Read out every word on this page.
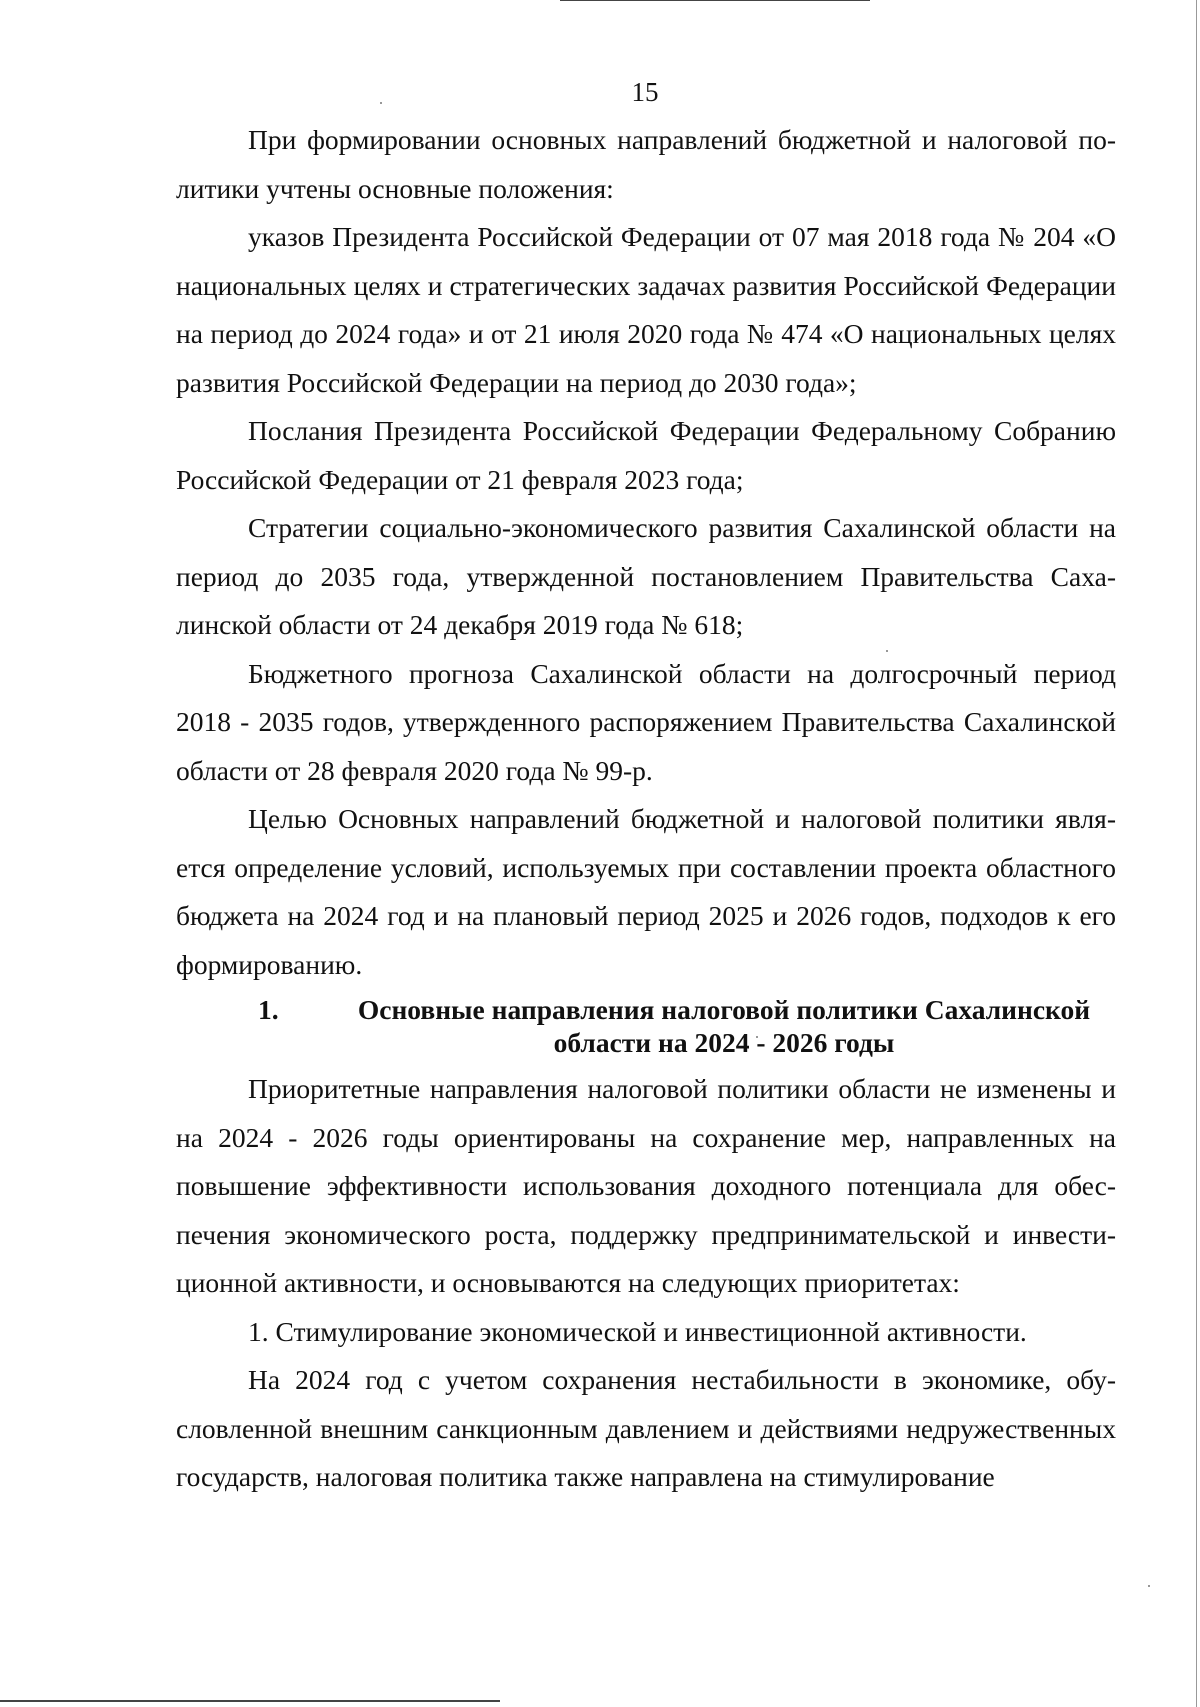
15

При формировании основных направлений бюджетной и налоговой политики учтены основные положения:

указов Президента Российской Федерации от 07 мая 2018 года № 204 «О национальных целях и стратегических задачах развития Российской Федерации на период до 2024 года» и от 21 июля 2020 года № 474 «О национальных целях развития Российской Федерации на период до 2030 года»;

Послания Президента Российской Федерации Федеральному Собранию Российской Федерации от 21 февраля 2023 года;

Стратегии социально-экономического развития Сахалинской области на период до 2035 года, утвержденной постановлением Правительства Сахалинской области от 24 декабря 2019 года № 618;

Бюджетного прогноза Сахалинской области на долгосрочный период 2018 - 2035 годов, утвержденного распоряжением Правительства Сахалинской области от 28 февраля 2020 года № 99-р.

Целью Основных направлений бюджетной и налоговой политики является определение условий, используемых при составлении проекта областного бюджета на 2024 год и на плановый период 2025 и 2026 годов, подходов к его формированию.

1.	Основные направления налоговой политики Сахалинской области на 2024 - 2026 годы

Приоритетные направления налоговой политики области не изменены и на 2024 - 2026 годы ориентированы на сохранение мер, направленных на повышение эффективности использования доходного потенциала для обеспечения экономического роста, поддержку предпринимательской и инвестиционной активности, и основываются на следующих приоритетах:

1. Стимулирование экономической и инвестиционной активности.

На 2024 год с учетом сохранения нестабильности в экономике, обусловленной внешним санкционным давлением и действиями недружественных государств, налоговая политика также направлена на стимулирование
